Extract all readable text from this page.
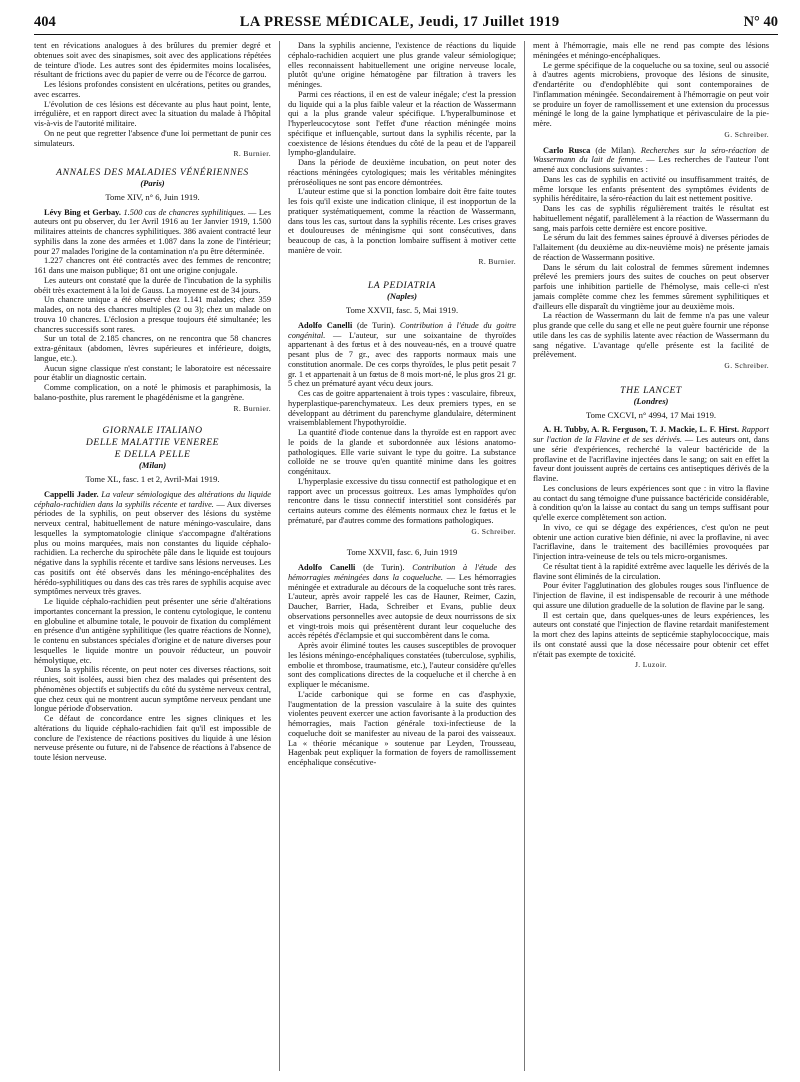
404	LA PRESSE MÉDICALE, Jeudi, 17 Juillet 1919	N° 40

tent en révications analogues à des brûlures du premier degré et obtenues soit avec des sinapismes, soit avec des applications répétées de teinture d'iode. Les autres sont des épidermites moins localisées, résultant de frictions avec du papier de verre ou de l'écorce de garrou.

Les lésions profondes consistent en ulcérations, petites ou grandes, avec escarres.

L'évolution de ces lésions est décevante au plus haut point, lente, irrégulière, et en rapport direct avec la situation du malade à l'hôpital vis-à-vis de l'autorité militaire.

On ne peut que regretter l'absence d'une loi permettant de punir ces simulateurs.

R. Burnier.
ANNALES DES MALADIES VÉNÉRIENNES
(Paris)
Tome XIV, n° 6, Juin 1919.

Lévy Bing et Gerbay. 1.500 cas de chancres syphilitiques. — Les auteurs ont pu observer, du 1er Avril 1916 au 1er Janvier 1919, 1.500 militaires atteints de chancres syphilitiques. 386 avaient contracté leur syphilis dans la zone des armées et 1.087 dans la zone de l'intérieur; pour 27 malades l'origine de la contamination n'a pu être déterminée.

1.227 chancres ont été contractés avec des femmes de rencontre; 161 dans une maison publique; 81 ont une origine conjugale.

Les auteurs ont constaté que la durée de l'incubation de la syphilis obéit très exactement à la loi de Gauss. La moyenne est de 34 jours.

Un chancre unique a été observé chez 1.141 malades; chez 359 malades, on nota des chancres multiples (2 ou 3); chez un malade on trouva 10 chancres. L'éclosion a presque toujours été simultanée; les chancres successifs sont rares.

Sur un total de 2.185 chancres, on ne rencontra que 58 chancres extra-génitaux (abdomen, lèvres supérieures et inférieure, doigts, langue, etc.).

Aucun signe classique n'est constant; le laboratoire est nécessaire pour établir un diagnostic certain.

Comme complication, on a noté le phimosis et paraphimosis, la balano-posthite, plus rarement le phagédénisme et la gangrène.

R. Burnier.
GIORNALE ITALIANO
DELLE MALATTIE VENEREE
E DELLA PELLE
(Milan)
Tome XL, fasc. 1 et 2, Avril-Mai 1919.

Cappelli Jader. La valeur sémiologique des altérations du liquide céphalo-rachidien dans la syphilis récente et tardive. — Aux diverses périodes de la syphilis, on peut observer des lésions du système nerveux central, habituellement de nature méningo-vasculaire, dans lesquelles la symptomatologie clinique s'accompagne d'altérations plus ou moins marquées, mais non constantes du liquide céphalo-rachidien. La recherche du spirochète pâle dans le liquide est toujours négative dans la syphilis récente et tardive sans lésions nerveuses. Les cas positifs ont été observés dans les méningo-encéphalites des hérédo-syphilitiques ou dans des cas très rares de syphilis acquise avec symptômes nerveux très graves.

Le liquide céphalo-rachidien peut présenter une série d'altérations importantes concernant la pression, le contenu cytologique, le contenu en globuline et albumine totale, le pouvoir de fixation du complément en présence d'un antigène syphilitique (les quatre réactions de Nonne), le contenu en substances spéciales d'origine et de nature diverses pour lesquelles le liquide montre un pouvoir réducteur, un pouvoir hémolytique, etc.

Dans la syphilis récente, on peut noter ces diverses réactions, soit réunies, soit isolées, aussi bien chez des malades qui présentent des phénomènes objectifs et subjectifs du côté du système nerveux central, que chez ceux qui ne montrent aucun symptôme nerveux pendant une longue période d'observation.

Ce défaut de concordance entre les signes cliniques et les altérations du liquide céphalo-rachidien fait qu'il est impossible de conclure de l'existence de réactions positives du liquide à une lésion nerveuse présente ou future, ni de l'absence de réactions à l'absence de toute lésion nerveuse.

Dans la syphilis ancienne, l'existence de réactions du liquide céphalo-rachidien acquiert une plus grande valeur sémiologique; elles reconnaissent habituellement une origine nerveuse locale, plutôt qu'une origine hématogène par filtration à travers les méninges.

Parmi ces réactions, il en est de valeur inégale; c'est la pression du liquide qui a la plus faible valeur et la réaction de Wassermann qui a la plus grande valeur spécifique. L'hyperalbuminose et l'hyperleucocytose sont l'effet d'une réaction méningée moins spécifique et influençable, surtout dans la syphilis récente, par la coexistence de lésions étendues du côté de la peau et de l'appareil lympho-glandulaire.

Dans la période de deuxième incubation, on peut noter des réactions méningées cytologiques; mais les véritables méningites préroséoliques ne sont pas encore démontrées.

L'auteur estime que si la ponction lombaire doit être faite toutes les fois qu'il existe une indication clinique, il est inopportun de la pratiquer systématiquement, comme la réaction de Wassermann, dans tous les cas, surtout dans la syphilis récente. Les crises graves et douloureuses de méningisme qui sont consécutives, dans beaucoup de cas, à la ponction lombaire suffisent à motiver cette manière de voir.

R. Burnier.
LA PEDIATRIA
(Naples)
Tome XXVII, fasc. 5, Mai 1919.

Adolfo Canelli (de Turin). Contribution à l'étude du goitre congénital. — L'auteur, sur une soixantaine de thyroïdes appartenant à des fœtus et à des nouveau-nés, en a trouvé quatre pesant plus de 7 gr., avec des rapports normaux mais une constitution anormale. De ces corps thyroïdes, le plus petit pesait 7 gr. 1 et appartenait à un fœtus de 8 mois mort-né, le plus gros 21 gr. 5 chez un prématuré ayant vécu deux jours.

Ces cas de goitre appartenaient à trois types : vasculaire, fibreux, hyperplastique-parenchymateux. Les deux premiers types, en se développant au détriment du parenchyme glandulaire, déterminent vraisemblablement l'hypothyroïdie.

La quantité d'iode contenue dans la thyroïde est en rapport avec le poids de la glande et subordonnée aux lésions anatomo-pathologiques. Elle varie suivant le type du goitre. La substance colloïde ne se trouve qu'en quantité minime dans les goitres congénitaux.

L'hyperplasie excessive du tissu connectif est pathologique et en rapport avec un processus goitreux. Les amas lymphoïdes qu'on rencontre dans le tissu connectif interstitiel sont considérés par certains auteurs comme des éléments normaux chez le fœtus et le prématuré, par d'autres comme des formations pathologiques.

G. Schreiber.
Tome XXVII, fasc. 6, Juin 1919

Adolfo Canelli (de Turin). Contribution à l'étude des hémorragies méningées dans la coqueluche. — Les hémorragies méningée et extradurale au décours de la coqueluche sont très rares. L'auteur, après avoir rappelé les cas de Hauner, Reimer, Cazin, Daucher, Barrier, Hada, Schreiber et Evans, publie deux observations personnelles avec autopsie de deux nourrissons de six et vingt-trois mois qui présentèrent durant leur coqueluche des accès répétés d'éclampsie et qui succombèrent dans le coma.

Après avoir éliminé toutes les causes susceptibles de provoquer les lésions méningo-encéphaliques constatées (tuberculose, syphilis, embolie et thrombose, traumatisme, etc.), l'auteur considère qu'elles sont des complications directes de la coqueluche et il cherche à en expliquer le mécanisme.

L'acide carbonique qui se forme en cas d'asphyxie, l'augmentation de la pression vasculaire à la suite des quintes violentes peuvent exercer une action favorisante à la production des hémorragies, mais l'action générale toxi-infectieuse de la coqueluche doit se manifester au niveau de la paroi des vaisseaux. La « théorie mécanique » soutenue par Leyden, Trousseau, Hagenbak peut expliquer la formation de foyers de ramollissement encéphalique consécutive-

ment à l'hémorragie, mais elle ne rend pas compte des lésions méningées et méningo-encéphaliques.

Le germe spécifique de la coqueluche ou sa toxine, seul ou associé à d'autres agents microbiens, provoque des lésions de sinusite, d'endartérite ou d'endophlébite qui sont contemporaines de l'inflammation méningée. Secondairement à l'hémorragie on peut voir se produire un foyer de ramollissement et une extension du processus méningé le long de la gaine lymphatique et périvasculaire de la pie-mère.

G. Schreiber.

Carlo Rusca (de Milan). Recherches sur la séro-réaction de Wassermann du lait de femme. — Les recherches de l'auteur l'ont amené aux conclusions suivantes :

Dans les cas de syphilis en activité ou insuffisamment traités, de même lorsque les enfants présentent des symptômes évidents de syphilis héréditaire, la séro-réaction du lait est nettement positive.

Dans les cas de syphilis régulièrement traités le résultat est habituellement négatif, parallèlement à la réaction de Wassermann du sang, mais parfois cette dernière est encore positive.

Le sérum du lait des femmes saines éprouvé à diverses périodes de l'allaitement (du deuxième au dix-neuvième mois) ne présente jamais de réaction de Wassermann positive.

Dans le sérum du lait colostral de femmes sûrement indemnes prélevé les premiers jours des suites de couches on peut observer parfois une inhibition partielle de l'hémolyse, mais celle-ci n'est jamais complète comme chez les femmes sûrement syphilitiques et d'ailleurs elle disparaît du vingtième jour au deuxième mois.

La réaction de Wassermann du lait de femme n'a pas une valeur plus grande que celle du sang et elle ne peut guère fournir une réponse utile dans les cas de syphilis latente avec réaction de Wassermann du sang négative. L'avantage qu'elle présente est la facilité de prélèvement.

G. Schreiber.
THE LANCET
(Londres)
Tome CXCVI, n° 4994, 17 Mai 1919.

A. H. Tubby, A. R. Ferguson, T. J. Mackie, L. F. Hirst. Rapport sur l'action de la Flavine et de ses dérivés. — Les auteurs ont, dans une série d'expériences, recherché la valeur bactéricide de la proflavine et de l'acriflavine injectées dans le sang; on sait en effet la faveur dont jouissent auprès de certains ces antiseptiques dérivés de la flavine.

Les conclusions de leurs expériences sont que : in vitro la flavine au contact du sang témoigne d'une puissance bactéricide considérable, à condition qu'on la laisse au contact du sang un temps suffisant pour qu'elle exerce complètement son action.

In vivo, ce qui se dégage des expériences, c'est qu'on ne peut obtenir une action curative bien définie, ni avec la proflavine, ni avec l'acriflavine, dans le traitement des bacillémies provoquées par l'injection intra-veineuse de tels ou tels micro-organismes.

Ce résultat tient à la rapidité extrême avec laquelle les dérivés de la flavine sont éliminés de la circulation.

Pour éviter l'agglutination des globules rouges sous l'influence de l'injection de flavine, il est indispensable de recourir à une méthode qui assure une dilution graduelle de la solution de flavine par le sang.

Il est certain que, dans quelques-unes de leurs expériences, les auteurs ont constaté que l'injection de flavine retardait manifestement la mort chez des lapins atteints de septicémie staphylococcique, mais ils ont constaté aussi que la dose nécessaire pour obtenir cet effet n'était pas exempte de toxicité.

J. Luzoir.
